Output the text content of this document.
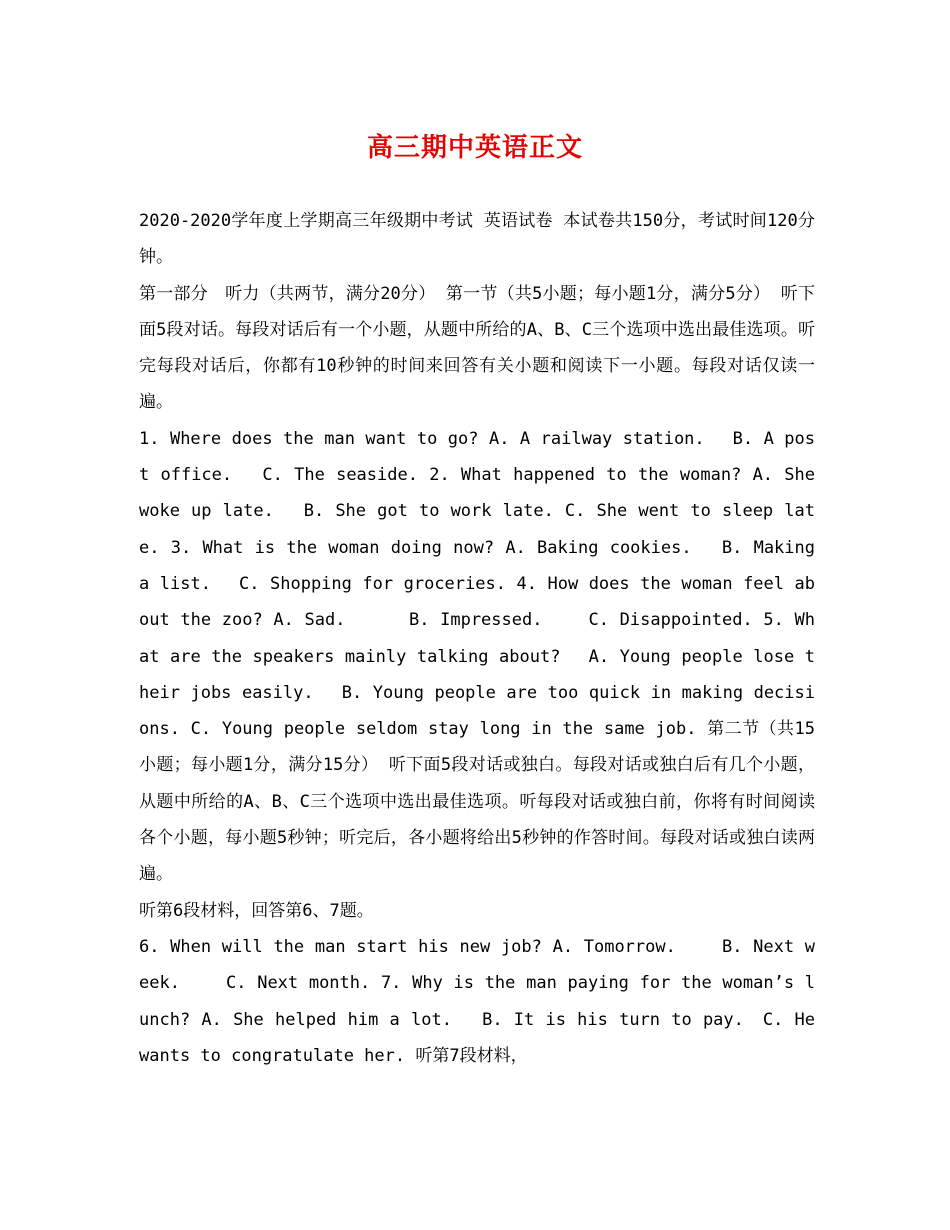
高三期中英语正文

2020-2020学年度上学期高三年级期中考试 英语试卷 本试卷共150分，考试时间120分钟。

第一部分　听力（共两节，满分20分） 第一节（共5小题；每小题1分，满分5分） 听下面5段对话。每段对话后有一个小题，从题中所给的A、B、C三个选项中选出最佳选项。听完每段对话后，你都有10秒钟的时间来回答有关小题和阅读下一小题。每段对话仅读一遍。

1. Where does the man want to go? A. A railway station.　 B. A post office.　 C. The seaside. 2. What happened to the woman? A. She woke up late.　 B. She got to work late. C. She went to sleep late. 3. What is the woman doing now? A. Baking cookies.　 B. Making a list.　 C. Shopping for groceries. 4. How does the woman feel about the zoo? A. Sad.　　　 B. Impressed.　　 C. Disappointed. 5. What are the speakers mainly talking about?　 A. Young people lose their jobs easily.　 B. Young people are too quick in making decisions. C. Young people seldom stay long in the same job. 第二节（共15小题；每小题1分，满分15分） 听下面5段对话或独白。每段对话或独白后有几个小题，从题中所给的A、B、C三个选项中选出最佳选项。听每段对话或独白前，你将有时间阅读各个小题，每小题5秒钟；听完后，各小题将给出5秒钟的作答时间。每段对话或独白读两遍。

听第6段材料，回答第6、7题。

6. When will the man start his new job? A. Tomorrow.　　 B. Next week.　　 C. Next month. 7. Why is the man paying for the woman’s lunch? A. She helped him a lot.　 B. It is his turn to pay.　C. He wants to congratulate her. 听第7段材料，
